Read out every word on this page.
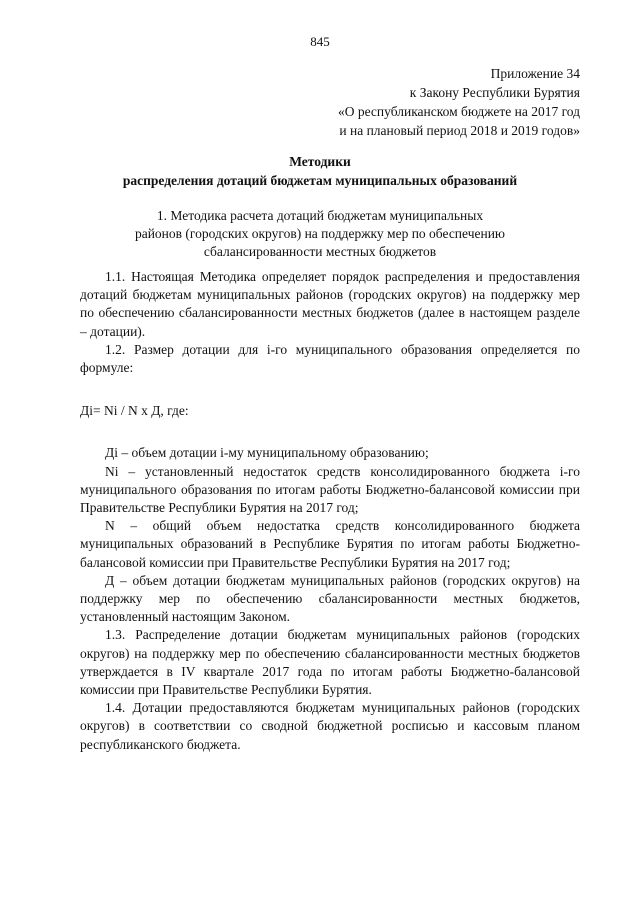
845
Приложение 34
к Закону Республики Бурятия
«О республиканском бюджете на 2017 год
и на плановый период 2018 и 2019 годов»
Методики
распределения дотаций бюджетам муниципальных образований
1. Методика расчета дотаций бюджетам муниципальных
районов (городских округов) на поддержку мер по обеспечению
сбалансированности местных бюджетов

1.1. Настоящая Методика определяет порядок распределения и предоставления дотаций бюджетам муниципальных районов (городских округов) на поддержку мер по обеспечению сбалансированности местных бюджетов (далее в настоящем разделе – дотации).

1.2. Размер дотации для i-го муниципального образования определяется по формуле:

Дi= Ni / N x Д, где:

Дi – объем дотации i-му муниципальному образованию;

Ni – установленный недостаток средств консолидированного бюджета i-го муниципального образования по итогам работы Бюджетно-балансовой комиссии при Правительстве Республики Бурятия на 2017 год;

N – общий объем недостатка средств консолидированного бюджета муниципальных образований в Республике Бурятия по итогам работы Бюджетно-балансовой комиссии при Правительстве Республики Бурятия на 2017 год;

Д – объем дотации бюджетам муниципальных районов (городских округов) на поддержку мер по обеспечению сбалансированности местных бюджетов, установленный настоящим Законом.

1.3. Распределение дотации бюджетам муниципальных районов (городских округов) на поддержку мер по обеспечению сбалансированности местных бюджетов утверждается в IV квартале 2017 года по итогам работы Бюджетно-балансовой комиссии при Правительстве Республики Бурятия.

1.4. Дотации предоставляются бюджетам муниципальных районов (городских округов) в соответствии со сводной бюджетной росписью и кассовым планом республиканского бюджета.
